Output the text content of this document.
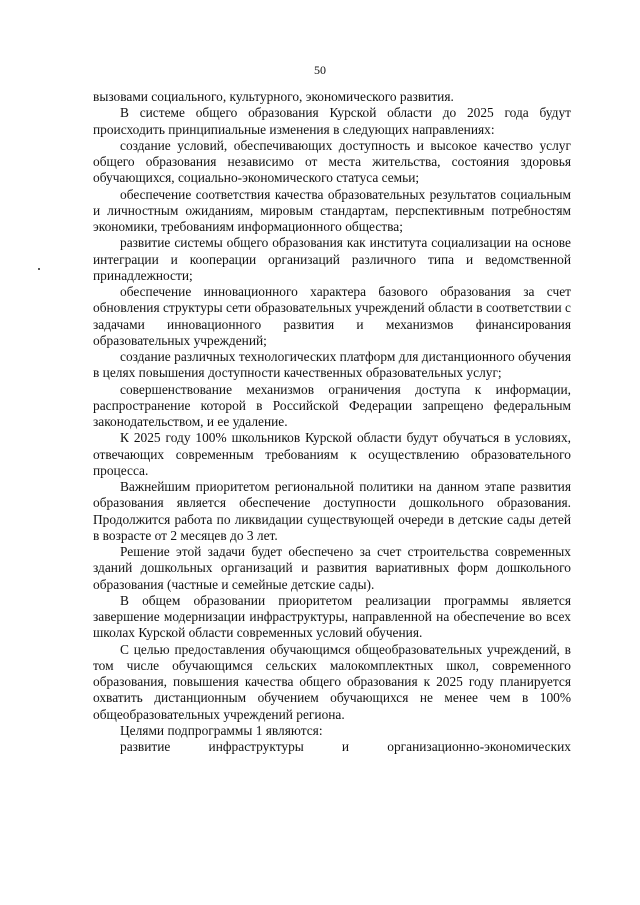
50

вызовами социального, культурного, экономического развития.

В системе общего образования Курской области до 2025 года будут происходить принципиальные изменения в следующих направлениях:

создание условий, обеспечивающих доступность и высокое качество услуг общего образования независимо от места жительства, состояния здоровья обучающихся, социально-экономического статуса семьи;

обеспечение соответствия качества образовательных результатов социальным и личностным ожиданиям, мировым стандартам, перспективным потребностям экономики, требованиям информационного общества;

развитие системы общего образования как института социализации на основе интеграции и кооперации организаций различного типа и ведомственной принадлежности;

обеспечение инновационного характера базового образования за счет обновления структуры сети образовательных учреждений области в соответствии с задачами инновационного развития и механизмов финансирования образовательных учреждений;

создание различных технологических платформ для дистанционного обучения в целях повышения доступности качественных образовательных услуг;

совершенствование механизмов ограничения доступа к информации, распространение которой в Российской Федерации запрещено федеральным законодательством, и ее удаление.

К 2025 году 100% школьников Курской области будут обучаться в условиях, отвечающих современным требованиям к осуществлению образовательного процесса.

Важнейшим приоритетом региональной политики на данном этапе развития образования является обеспечение доступности дошкольного образования. Продолжится работа по ликвидации существующей очереди в детские сады детей в возрасте от 2 месяцев до 3 лет.

Решение этой задачи будет обеспечено за счет строительства современных зданий дошкольных организаций и развития вариативных форм дошкольного образования (частные и семейные детские сады).

В общем образовании приоритетом реализации программы является завершение модернизации инфраструктуры, направленной на обеспечение во всех школах Курской области современных условий обучения.

С целью предоставления обучающимся общеобразовательных учреждений, в том числе обучающимся сельских малокомплектных школ, современного образования, повышения качества общего образования к 2025 году планируется охватить дистанционным обучением обучающихся не менее чем в 100% общеобразовательных учреждений региона.

Целями подпрограммы 1 являются:

развитие инфраструктуры и организационно-экономических
